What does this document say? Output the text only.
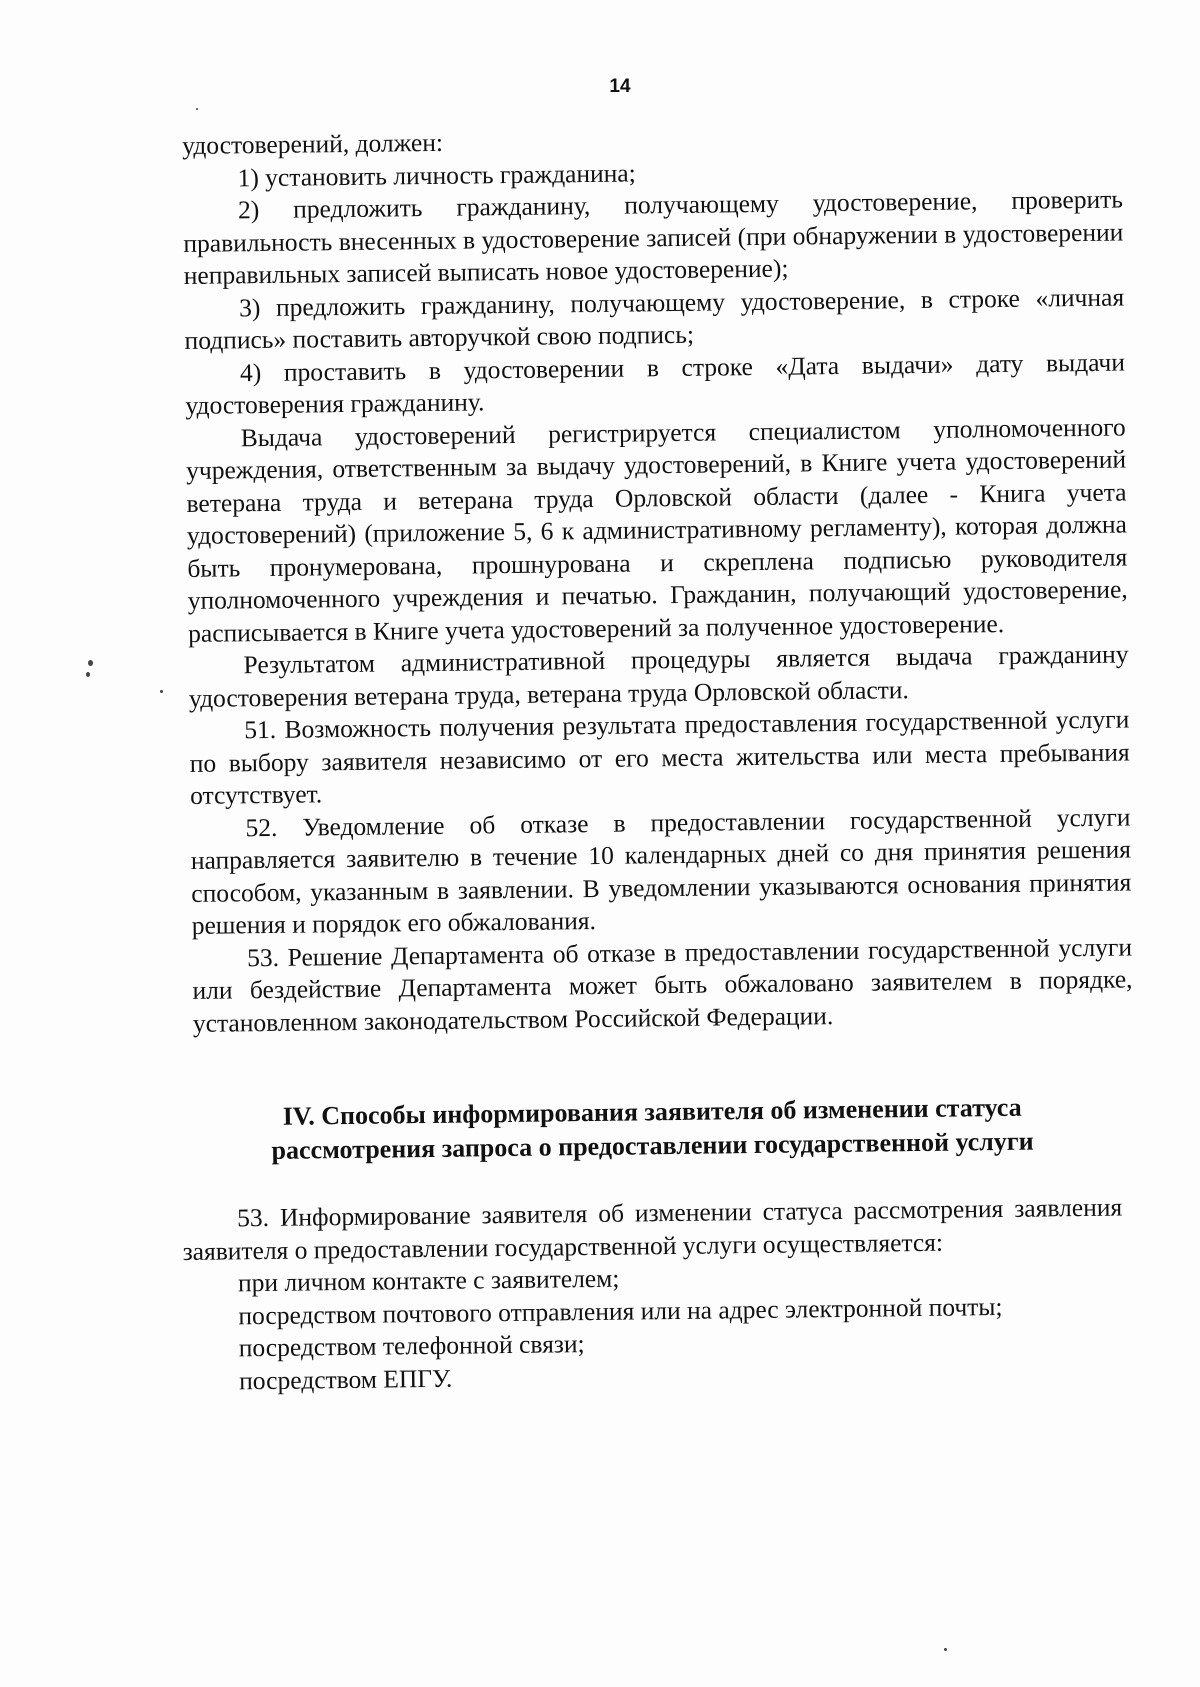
14

удостоверений, должен:

1) установить личность гражданина;

2) предложить гражданину, получающему удостоверение, проверить правильность внесенных в удостоверение записей (при обнаружении в удостоверении неправильных записей выписать новое удостоверение);

3) предложить гражданину, получающему удостоверение, в строке «личная подпись» поставить авторучкой свою подпись;

4) проставить в удостоверении в строке «Дата выдачи» дату выдачи удостоверения гражданину.

Выдача удостоверений регистрируется специалистом уполномоченного учреждения, ответственным за выдачу удостоверений, в Книге учета удостоверений ветерана труда и ветерана труда Орловской области (далее - Книга учета удостоверений) (приложение 5, 6 к административному регламенту), которая должна быть пронумерована, прошнурована и скреплена подписью руководителя уполномоченного учреждения и печатью. Гражданин, получающий удостоверение, расписывается в Книге учета удостоверений за полученное удостоверение.

Результатом административной процедуры является выдача гражданину удостоверения ветерана труда, ветерана труда Орловской области.

51. Возможность получения результата предоставления государственной услуги по выбору заявителя независимо от его места жительства или места пребывания отсутствует.

52. Уведомление об отказе в предоставлении государственной услуги направляется заявителю в течение 10 календарных дней со дня принятия решения способом, указанным в заявлении. В уведомлении указываются основания принятия решения и порядок его обжалования.

53. Решение Департамента об отказе в предоставлении государственной услуги или бездействие Департамента может быть обжаловано заявителем в порядке, установленном законодательством Российской Федерации.

IV. Способы информирования заявителя об изменении статуса

рассмотрения запроса о предоставлении государственной услуги

53. Информирование заявителя об изменении статуса рассмотрения заявления заявителя о предоставлении государственной услуги осуществляется:

при личном контакте с заявителем;

посредством почтового отправления или на адрес электронной почты;

посредством телефонной связи;

посредством ЕПГУ.
